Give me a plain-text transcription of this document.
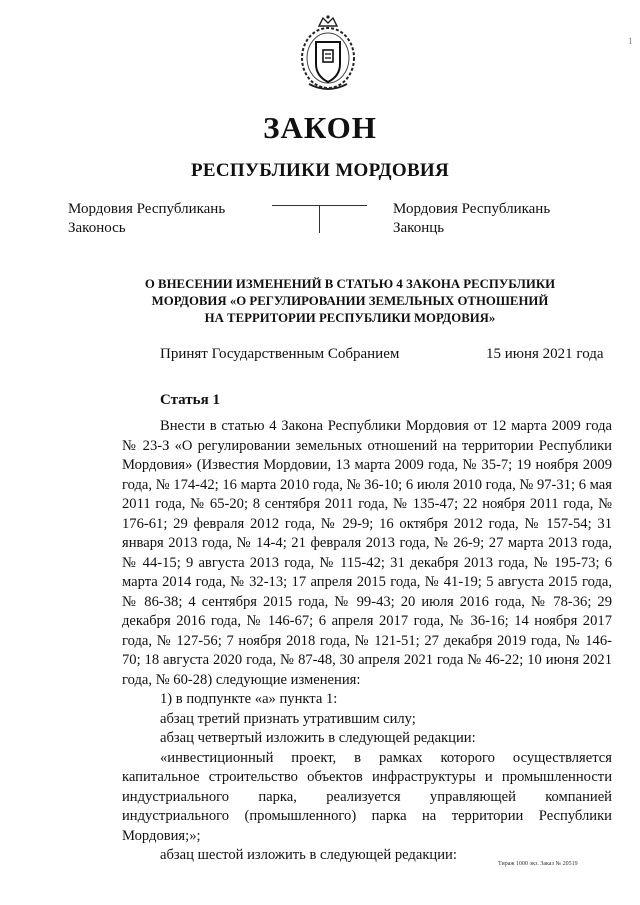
ЗАКОН
РЕСПУБЛИКИ МОРДОВИЯ
Мордовия Республикань
Законось
Мордовия Республикань
Законць
О ВНЕСЕНИИ ИЗМЕНЕНИЙ В СТАТЬЮ 4 ЗАКОНА РЕСПУБЛИКИ
МОРДОВИЯ «О РЕГУЛИРОВАНИИ ЗЕМЕЛЬНЫХ ОТНОШЕНИЙ
НА ТЕРРИТОРИИ РЕСПУБЛИКИ МОРДОВИЯ»
Принят Государственным Собранием	15 июня 2021 года
Статья 1

Внести в статью 4 Закона Республики Мордовия от 12 марта 2009 года № 23-З «О регулировании земельных отношений на территории Республики Мордовия» (Известия Мордовии, 13 марта 2009 года, № 35-7; 19 ноября 2009 года, № 174-42; 16 марта 2010 года, № 36-10; 6 июля 2010 года, № 97-31; 6 мая 2011 года, № 65-20; 8 сентября 2011 года, № 135-47; 22 ноября 2011 года, № 176-61; 29 февраля 2012 года, № 29-9; 16 октября 2012 года, № 157-54; 31 января 2013 года, № 14-4; 21 февраля 2013 года, № 26-9; 27 марта 2013 года, № 44-15; 9 августа 2013 года, № 115-42; 31 декабря 2013 года, № 195-73; 6 марта 2014 года, № 32-13; 17 апреля 2015 года, № 41-19; 5 августа 2015 года, № 86-38; 4 сентября 2015 года, № 99-43; 20 июля 2016 года, № 78-36; 29 декабря 2016 года, № 146-67; 6 апреля 2017 года, № 36-16; 14 ноября 2017 года, № 127-56; 7 ноября 2018 года, № 121-51; 27 декабря 2019 года, № 146-70; 18 августа 2020 года, № 87-48, 30 апреля 2021 года № 46-22; 10 июня 2021 года, № 60-28) следующие изменения:

1) в подпункте «а» пункта 1:

абзац третий признать утратившим силу;

абзац четвертый изложить в следующей редакции:

«инвестиционный проект, в рамках которого осуществляется капитальное строительство объектов инфраструктуры и промышленности индустриального парка, реализуется управляющей компанией индустриального (промышленного) парка на территории Республики Мордовия;»;

абзац шестой изложить в следующей редакции:

Тираж 1000 экз. Заказ № 20519
1
